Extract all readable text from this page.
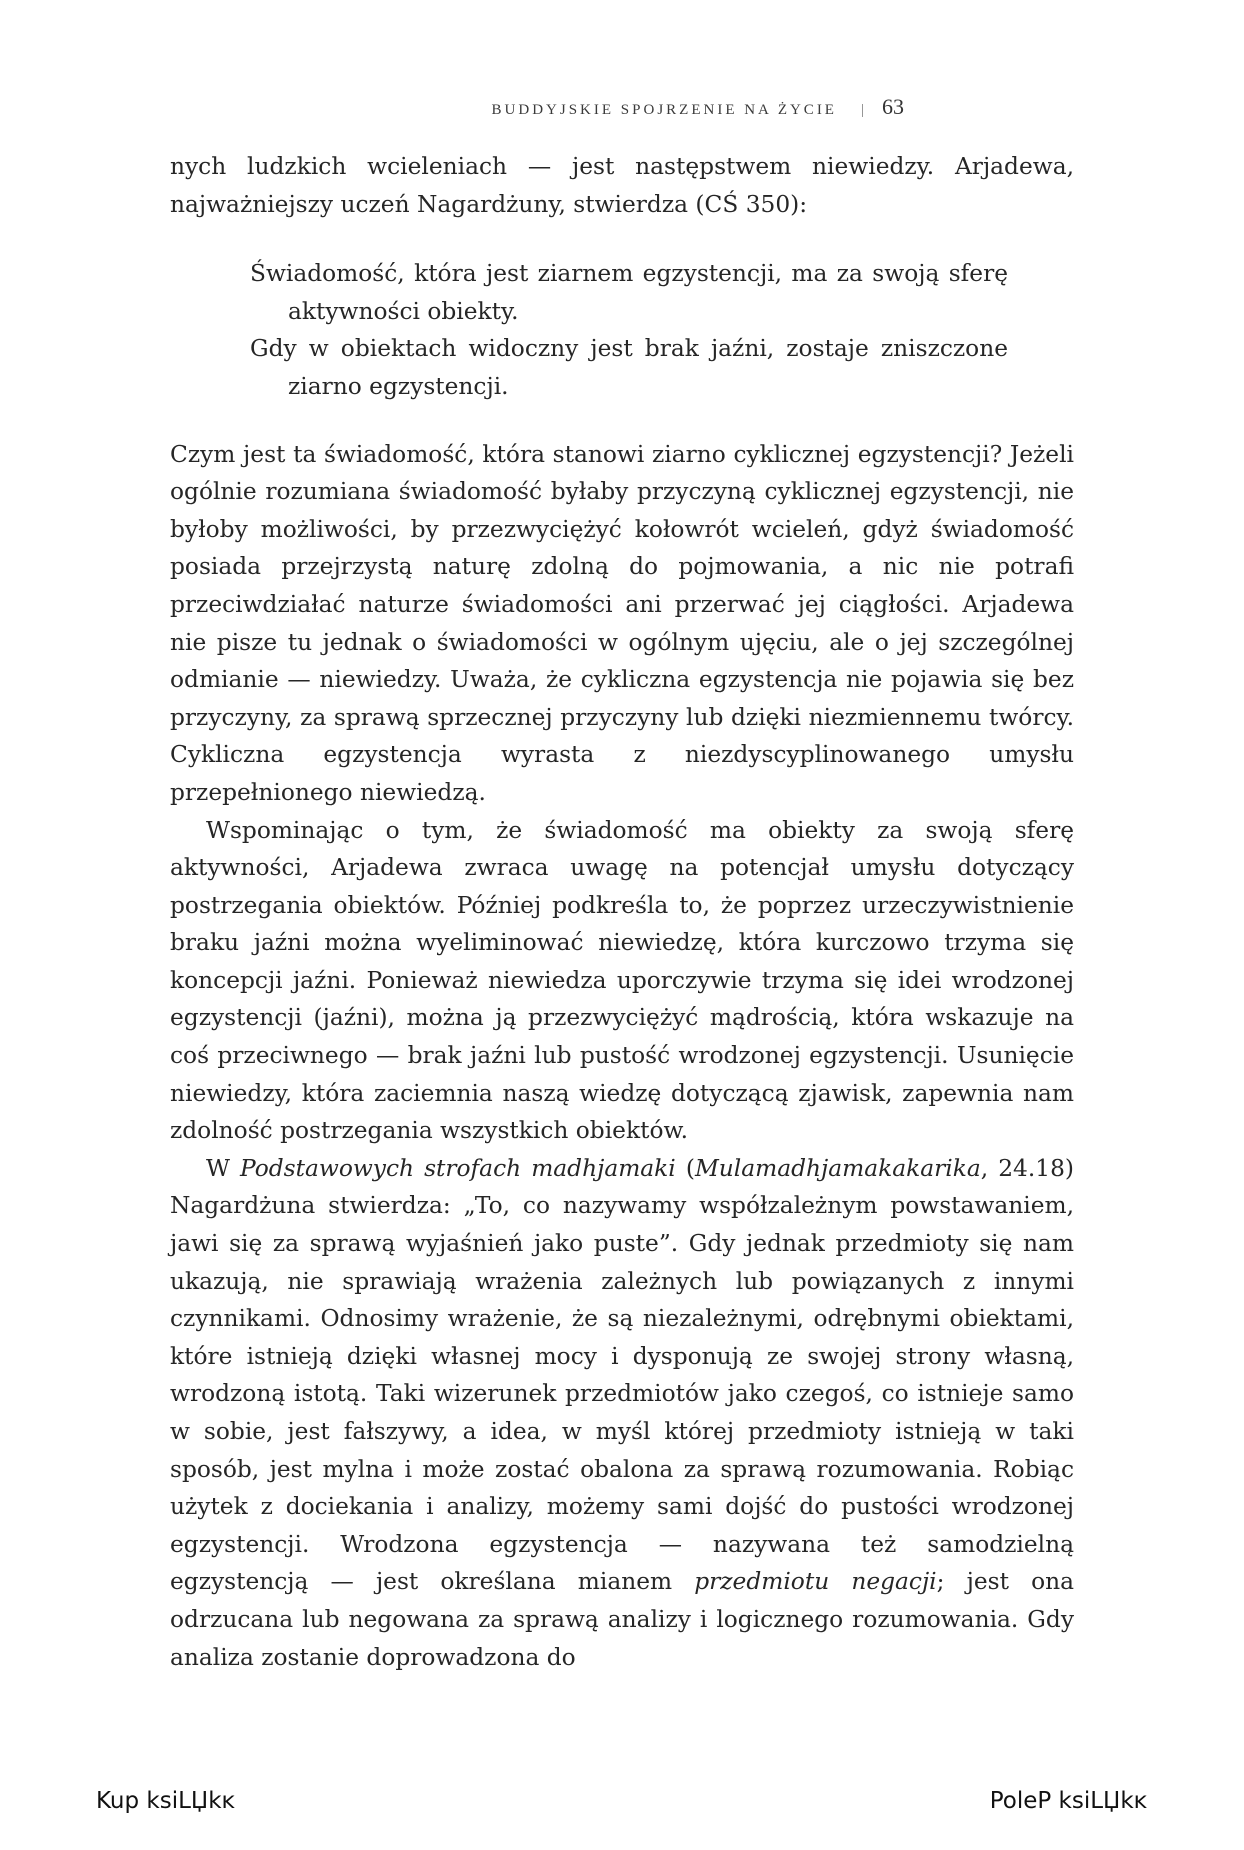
BUDDYJSKIE SPOJRZENIE NA ŻYCIE | 63

nych ludzkich wcieleniach — jest następstwem niewiedzy. Arjadewa, najważniejszy uczeń Nagardżuny, stwierdza (CŚ 350):

Świadomość, która jest ziarnem egzystencji, ma za swoją sferę aktywności obiekty.

Gdy w obiektach widoczny jest brak jaźni, zostaje zniszczone ziarno egzystencji.

Czym jest ta świadomość, która stanowi ziarno cyklicznej egzystencji? Jeżeli ogólnie rozumiana świadomość byłaby przyczyną cyklicznej egzystencji, nie byłoby możliwości, by przezwyciężyć kołowrót wcieleń, gdyż świadomość posiada przejrzystą naturę zdolną do pojmowania, a nic nie potrafi przeciwdziałać naturze świadomości ani przerwać jej ciągłości. Arjadewa nie pisze tu jednak o świadomości w ogólnym ujęciu, ale o jej szczególnej odmianie — niewiedzy. Uważa, że cykliczna egzystencja nie pojawia się bez przyczyny, za sprawą sprzecznej przyczyny lub dzięki niezmiennemu twórcy. Cykliczna egzystencja wyrasta z niezdyscyplinowanego umysłu przepełnionego niewiedzą.

Wspominając o tym, że świadomość ma obiekty za swoją sferę aktywności, Arjadewa zwraca uwagę na potencjał umysłu dotyczący postrzegania obiektów. Później podkreśla to, że poprzez urzeczywistnienie braku jaźni można wyeliminować niewiedzę, która kurczowo trzyma się koncepcji jaźni. Ponieważ niewiedza uporczywie trzyma się idei wrodzonej egzystencji (jaźni), można ją przezwyciężyć mądrością, która wskazuje na coś przeciwnego — brak jaźni lub pustość wrodzonej egzystencji. Usunięcie niewiedzy, która zaciemnia naszą wiedzę dotyczącą zjawisk, zapewnia nam zdolność postrzegania wszystkich obiektów.

W Podstawowych strofach madhjamaki (Mulamadhjamakakarika, 24.18) Nagardżuna stwierdza: „To, co nazywamy współzależnym powstawaniem, jawi się za sprawą wyjaśnień jako puste”. Gdy jednak przedmioty się nam ukazują, nie sprawiają wrażenia zależnych lub powiązanych z innymi czynnikami. Odnosimy wrażenie, że są niezależnymi, odrębnymi obiektami, które istnieją dzięki własnej mocy i dysponują ze swojej strony własną, wrodzoną istotą. Taki wizerunek przedmiotów jako czegoś, co istnieje samo w sobie, jest fałszywy, a idea, w myśl której przedmioty istnieją w taki sposób, jest mylna i może zostać obalona za sprawą rozumowania. Robiąc użytek z dociekania i analizy, możemy sami dojść do pustości wrodzonej egzystencji. Wrodzona egzystencja — nazywana też samodzielną egzystencją — jest określana mianem przedmiotu negacji; jest ona odrzucana lub negowana za sprawą analizy i logicznego rozumowania. Gdy analiza zostanie doprowadzona do

Kup ksiLЏkĸ	PoleP ksiLЏkĸ
